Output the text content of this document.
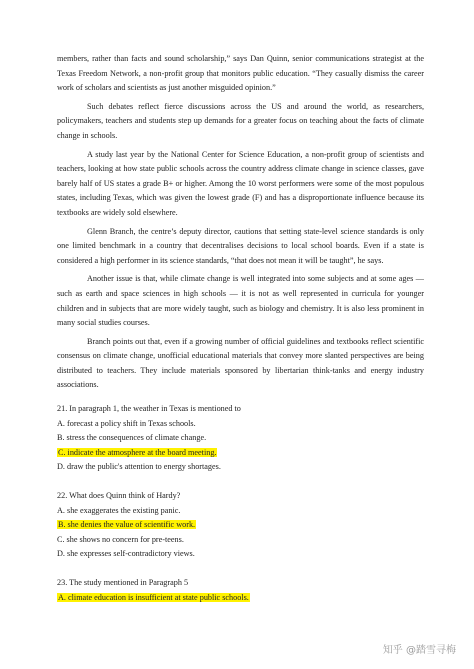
members, rather than facts and sound scholarship,” says Dan Quinn, senior communications strategist at the Texas Freedom Network, a non-profit group that monitors public education. “They casually dismiss the career work of scholars and scientists as just another misguided opinion.”

Such debates reflect fierce discussions across the US and around the world, as researchers, policymakers, teachers and students step up demands for a greater focus on teaching about the facts of climate change in schools.

A study last year by the National Center for Science Education, a non-profit group of scientists and teachers, looking at how state public schools across the country address climate change in science classes, gave barely half of US states a grade B+ or higher. Among the 10 worst performers were some of the most populous states, including Texas, which was given the lowest grade (F) and has a disproportionate influence because its textbooks are widely sold elsewhere.

Glenn Branch, the centre’s deputy director, cautions that setting state-level science standards is only one limited benchmark in a country that decentralises decisions to local school boards. Even if a state is considered a high performer in its science standards, “that does not mean it will be taught”, he says.

Another issue is that, while climate change is well integrated into some subjects and at some ages — such as earth and space sciences in high schools — it is not as well represented in curricula for younger children and in subjects that are more widely taught, such as biology and chemistry. It is also less prominent in many social studies courses.

Branch points out that, even if a growing number of official guidelines and textbooks reflect scientific consensus on climate change, unofficial educational materials that convey more slanted perspectives are being distributed to teachers. They include materials sponsored by libertarian think-tanks and energy industry associations.

21. In paragraph 1, the weather in Texas is mentioned to

A. forecast a policy shift in Texas schools.

B. stress the consequences of climate change.

C. indicate the atmosphere at the board meeting.

D. draw the public's attention to energy shortages.

22. What does Quinn think of Hardy?

A. she exaggerates the existing panic.

B. she denies the value of scientific work.

C. she shows no concern for pre-teens.

D. she expresses self-contradictory views.

23. The study mentioned in Paragraph 5

A. climate education is insufficient at state public schools.

知乎 @踏雪寻梅
